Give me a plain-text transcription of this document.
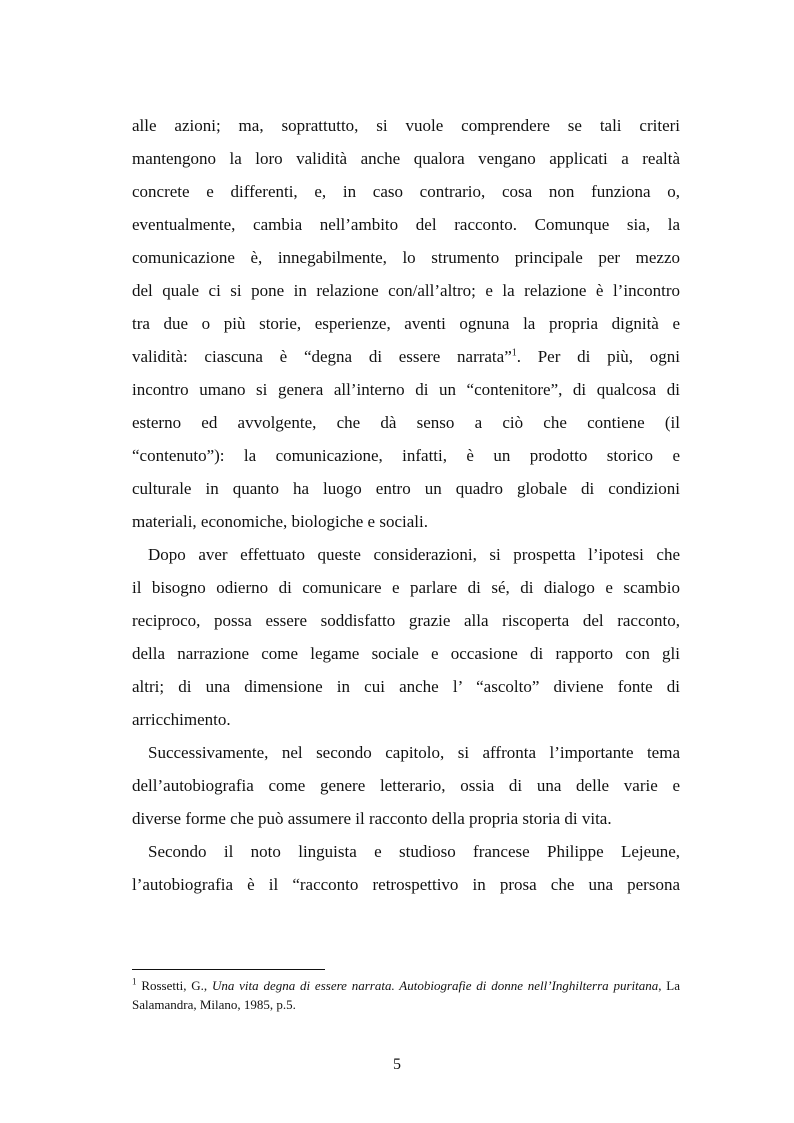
alle azioni; ma, soprattutto, si vuole comprendere se tali criteri
mantengono la loro validità anche qualora vengano applicati a realtà
concrete e differenti, e, in caso contrario, cosa non funziona o,
eventualmente, cambia nell’ambito del racconto. Comunque sia, la
comunicazione è, innegabilmente, lo strumento principale per mezzo
del quale ci si pone in relazione con/all’altro; e la relazione è l’incontro
tra due o più storie, esperienze, aventi ognuna la propria dignità e
validità: ciascuna è “degna di essere narrata”$^1$. Per di più, ogni
incontro umano si genera all’interno di un “contenitore”, di qualcosa di
esterno ed avvolgente, che dà senso a ciò che contiene (il
“contenuto”): la comunicazione, infatti, è un prodotto storico e
culturale in quanto ha luogo entro un quadro globale di condizioni
materiali, economiche, biologiche e sociali.
Dopo aver effettuato queste considerazioni, si prospetta l’ipotesi che
il bisogno odierno di comunicare e parlare di sé, di dialogo e scambio
reciproco, possa essere soddisfatto grazie alla riscoperta del racconto,
della narrazione come legame sociale e occasione di rapporto con gli
altri; di una dimensione in cui anche l’ “ascolto” diviene fonte di
arricchimento.
Successivamente, nel secondo capitolo, si affronta l’importante tema
dell’autobiografia come genere letterario, ossia di una delle varie e
diverse forme che può assumere il racconto della propria storia di vita.
Secondo il noto linguista e studioso francese Philippe Lejeune,
l’autobiografia è il “racconto retrospettivo in prosa che una persona
$^1$ Rossetti, G., Una vita degna di essere narrata. Autobiografie di donne nell’Inghilterra puritana, La
Salamandra, Milano, 1985, p.5.
5
